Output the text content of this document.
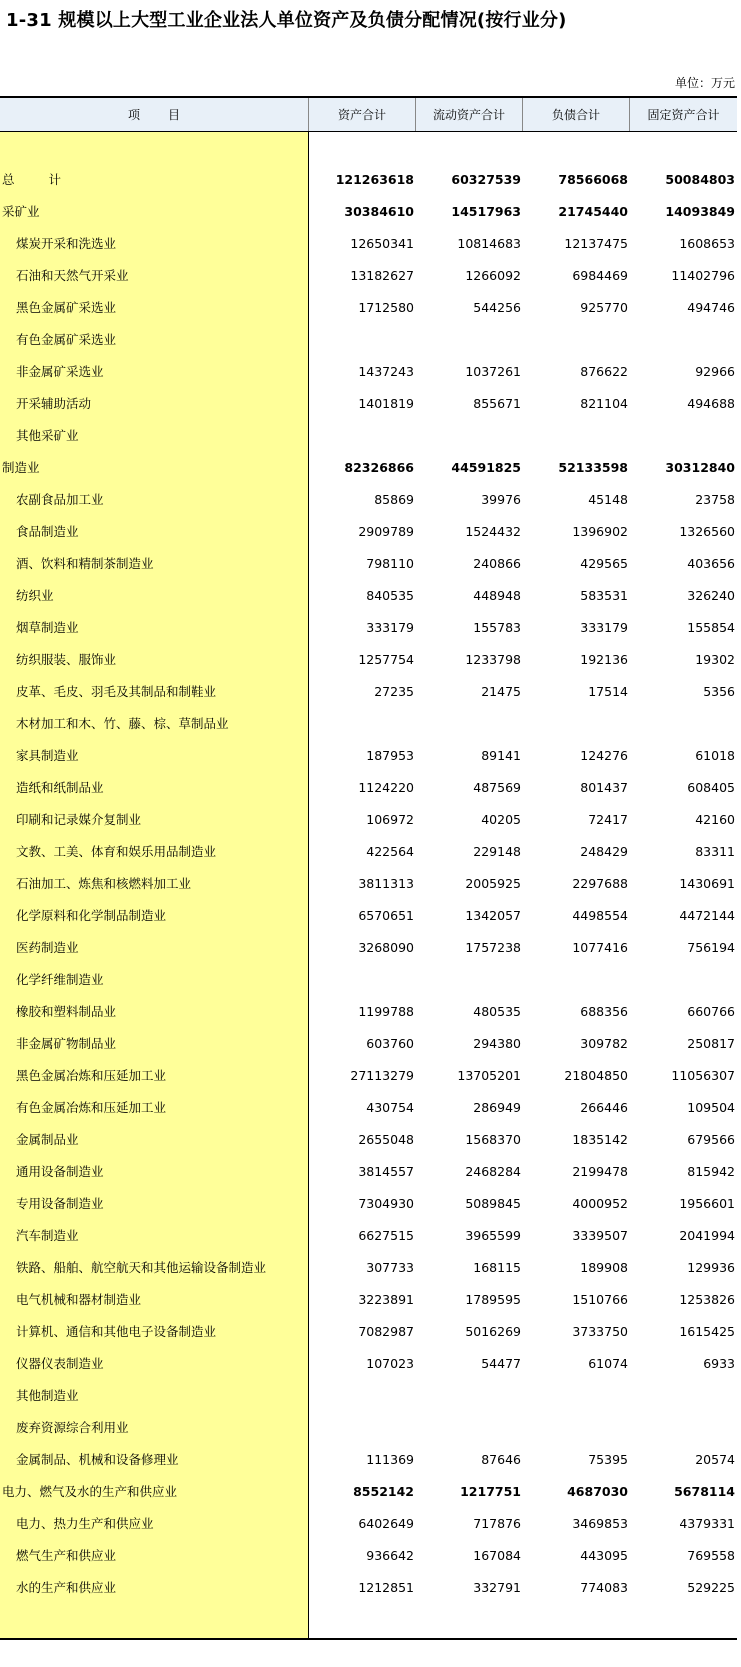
1-31 规模以上大型工业企业法人单位资产及负债分配情况(按行业分)
单位：万元
项目	资产合计	流动资产合计	负债合计	固定资产合计
总计	121263618	60327539	78566068	50084803
采矿业	30384610	14517963	21745440	14093849
煤炭开采和洗选业	12650341	10814683	12137475	1608653
石油和天然气开采业	13182627	1266092	6984469	11402796
黑色金属矿采选业	1712580	544256	925770	494746
有色金属矿采选业
非金属矿采选业	1437243	1037261	876622	92966
开采辅助活动	1401819	855671	821104	494688
其他采矿业
制造业	82326866	44591825	52133598	30312840
农副食品加工业	85869	39976	45148	23758
食品制造业	2909789	1524432	1396902	1326560
酒、饮料和精制茶制造业	798110	240866	429565	403656
纺织业	840535	448948	583531	326240
烟草制造业	333179	155783	333179	155854
纺织服装、服饰业	1257754	1233798	192136	19302
皮革、毛皮、羽毛及其制品和制鞋业	27235	21475	17514	5356
木材加工和木、竹、藤、棕、草制品业
家具制造业	187953	89141	124276	61018
造纸和纸制品业	1124220	487569	801437	608405
印刷和记录媒介复制业	106972	40205	72417	42160
文教、工美、体育和娱乐用品制造业	422564	229148	248429	83311
石油加工、炼焦和核燃料加工业	3811313	2005925	2297688	1430691
化学原料和化学制品制造业	6570651	1342057	4498554	4472144
医药制造业	3268090	1757238	1077416	756194
化学纤维制造业
橡胶和塑料制品业	1199788	480535	688356	660766
非金属矿物制品业	603760	294380	309782	250817
黑色金属冶炼和压延加工业	27113279	13705201	21804850	11056307
有色金属冶炼和压延加工业	430754	286949	266446	109504
金属制品业	2655048	1568370	1835142	679566
通用设备制造业	3814557	2468284	2199478	815942
专用设备制造业	7304930	5089845	4000952	1956601
汽车制造业	6627515	3965599	3339507	2041994
铁路、船舶、航空航天和其他运输设备制造业	307733	168115	189908	129936
电气机械和器材制造业	3223891	1789595	1510766	1253826
计算机、通信和其他电子设备制造业	7082987	5016269	3733750	1615425
仪器仪表制造业	107023	54477	61074	6933
其他制造业
废弃资源综合利用业
金属制品、机械和设备修理业	111369	87646	75395	20574
电力、燃气及水的生产和供应业	8552142	1217751	4687030	5678114
电力、热力生产和供应业	6402649	717876	3469853	4379331
燃气生产和供应业	936642	167084	443095	769558
水的生产和供应业	1212851	332791	774083	529225
